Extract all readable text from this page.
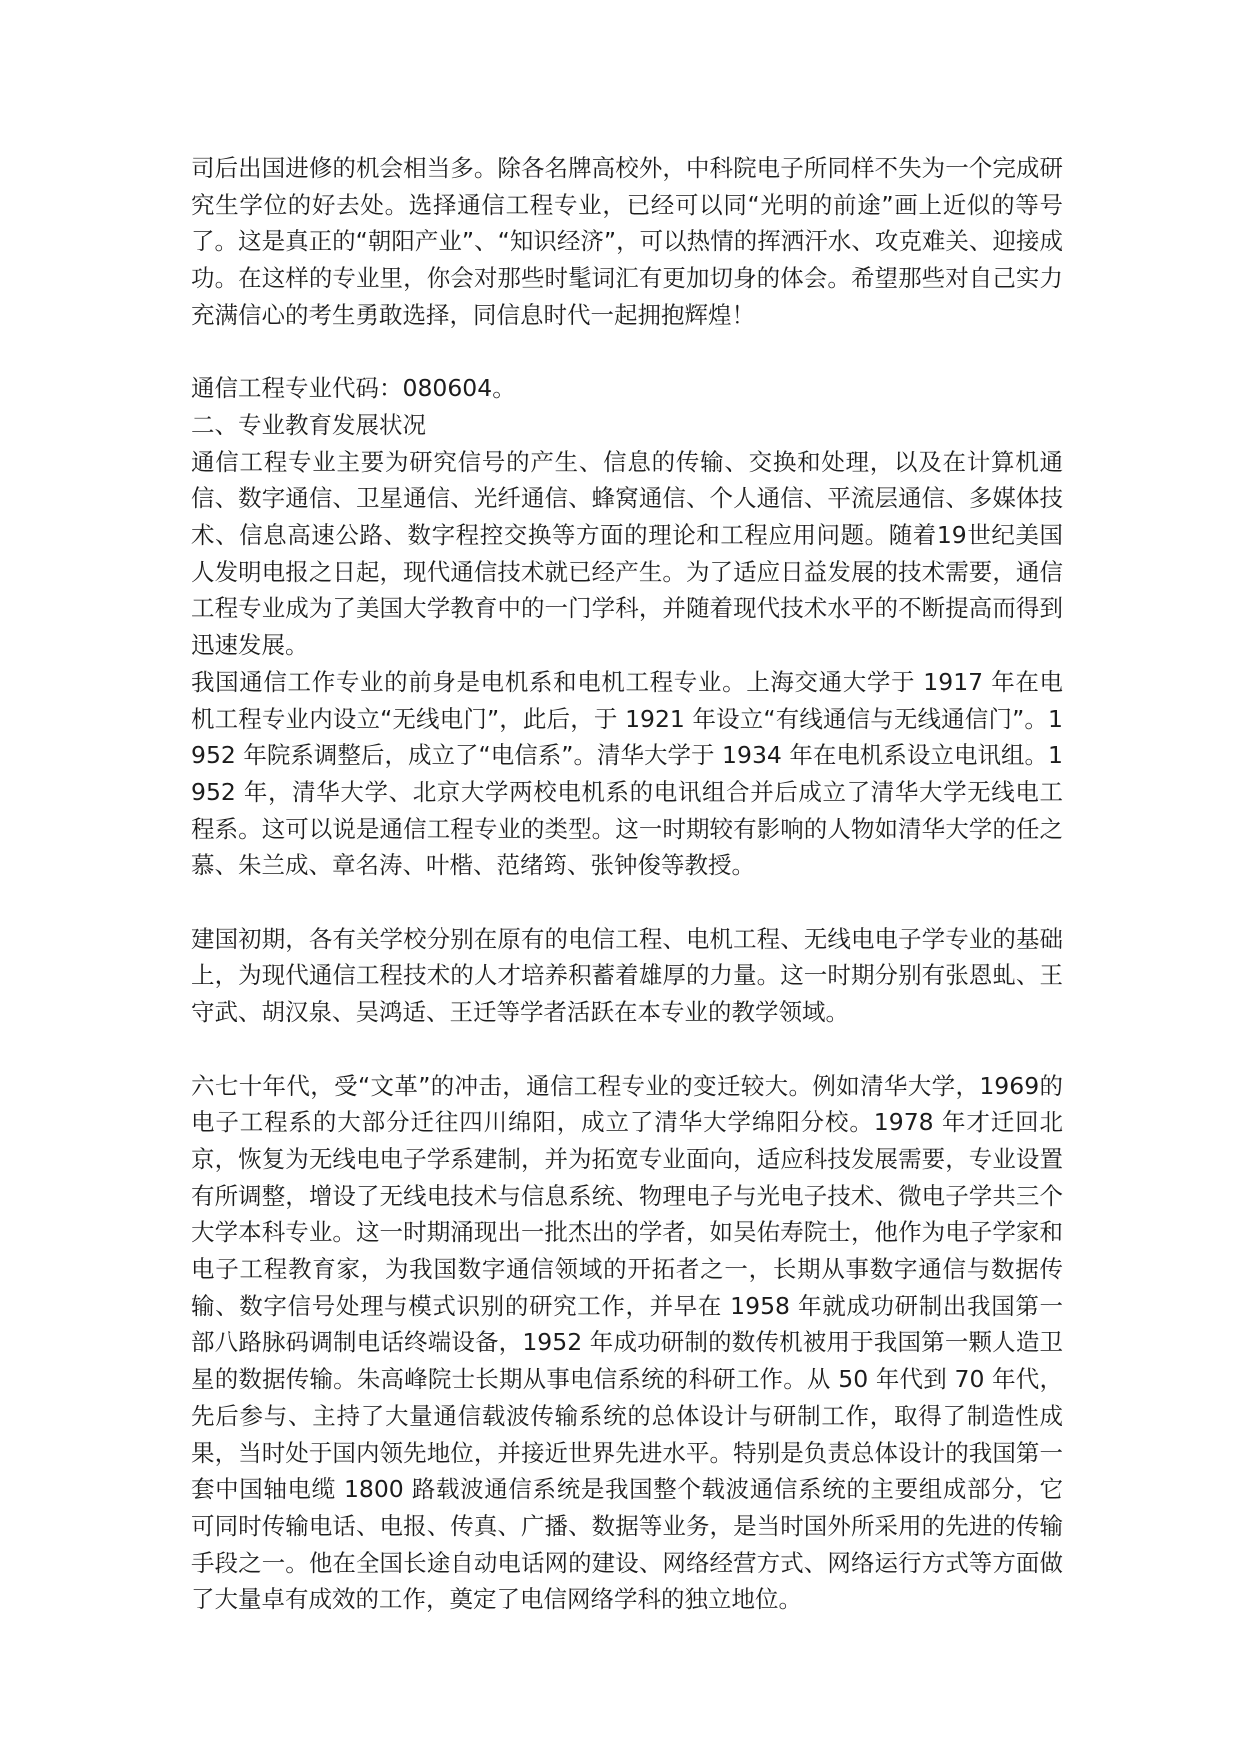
司后出国进修的机会相当多。除各名牌高校外，中科院电子所同样不失为一个完成研究生学位的好去处。选择通信工程专业，已经可以同“光明的前途”画上近似的等号了。这是真正的“朝阳产业”、“知识经济”，可以热情的挥洒汗水、攻克难关、迎接成功。在这样的专业里，你会对那些时髦词汇有更加切身的体会。希望那些对自己实力充满信心的考生勇敢选择，同信息时代一起拥抱辉煌！

通信工程专业代码：080604。

二、专业教育发展状况

通信工程专业主要为研究信号的产生、信息的传输、交换和处理，以及在计算机通信、数字通信、卫星通信、光纤通信、蜂窝通信、个人通信、平流层通信、多媒体技术、信息高速公路、数字程控交换等方面的理论和工程应用问题。随着19世纪美国人发明电报之日起，现代通信技术就已经产生。为了适应日益发展的技术需要，通信工程专业成为了美国大学教育中的一门学科，并随着现代技术水平的不断提高而得到迅速发展。

我国通信工作专业的前身是电机系和电机工程专业。上海交通大学于 1917 年在电机工程专业内设立“无线电门”，此后，于 1921 年设立“有线通信与无线通信门”。1952 年院系调整后，成立了“电信系”。清华大学于 1934 年在电机系设立电讯组。1952 年，清华大学、北京大学两校电机系的电讯组合并后成立了清华大学无线电工程系。这可以说是通信工程专业的类型。这一时期较有影响的人物如清华大学的任之慕、朱兰成、章名涛、叶楷、范绪筠、张钟俊等教授。

建国初期，各有关学校分别在原有的电信工程、电机工程、无线电电子学专业的基础上，为现代通信工程技术的人才培养积蓄着雄厚的力量。这一时期分别有张恩虬、王守武、胡汉泉、吴鸿适、王迁等学者活跃在本专业的教学领域。

六七十年代，受“文革”的冲击，通信工程专业的变迁较大。例如清华大学，1969的电子工程系的大部分迁往四川绵阳，成立了清华大学绵阳分校。1978 年才迁回北京，恢复为无线电电子学系建制，并为拓宽专业面向，适应科技发展需要，专业设置有所调整，增设了无线电技术与信息系统、物理电子与光电子技术、微电子学共三个大学本科专业。这一时期涌现出一批杰出的学者，如吴佑寿院士，他作为电子学家和电子工程教育家，为我国数字通信领域的开拓者之一，长期从事数字通信与数据传输、数字信号处理与模式识别的研究工作，并早在 1958 年就成功研制出我国第一部八路脉码调制电话终端设备，1952 年成功研制的数传机被用于我国第一颗人造卫星的数据传输。朱高峰院士长期从事电信系统的科研工作。从 50 年代到 70 年代，先后参与、主持了大量通信载波传输系统的总体设计与研制工作，取得了制造性成果，当时处于国内领先地位，并接近世界先进水平。特别是负责总体设计的我国第一套中国轴电缆 1800 路载波通信系统是我国整个载波通信系统的主要组成部分，它可同时传输电话、电报、传真、广播、数据等业务，是当时国外所采用的先进的传输手段之一。他在全国长途自动电话网的建设、网络经营方式、网络运行方式等方面做了大量卓有成效的工作，奠定了电信网络学科的独立地位。
